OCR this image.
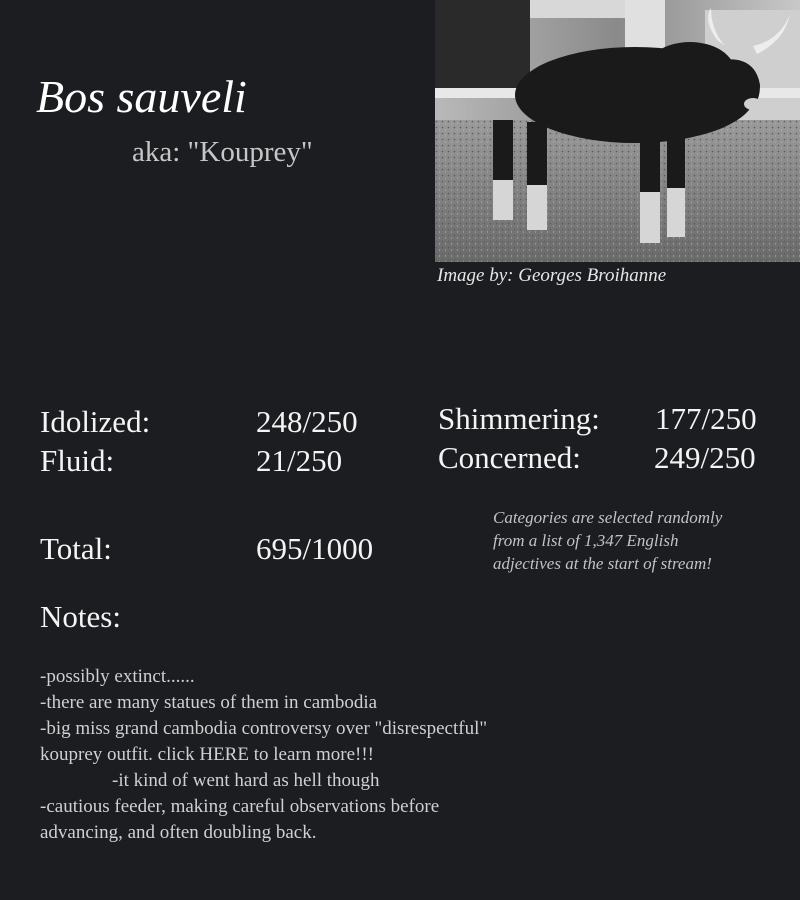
Bos sauveli
aka: "Kouprey"
Image by: Georges Broihanne
Idolized:	248/250
Fluid:	21/250
Shimmering: 177/250
Concerned: 249/250
Total:	695/1000
Categories are selected randomly from a list of 1,347 English adjectives at the start of stream!
Notes:
-possibly extinct......
-there are many statues of them in cambodia
-big miss grand cambodia controversy over "disrespectful" kouprey outfit. click HERE to learn more!!!
-it kind of went hard as hell though
-cautious feeder, making careful observations before advancing, and often doubling back.
